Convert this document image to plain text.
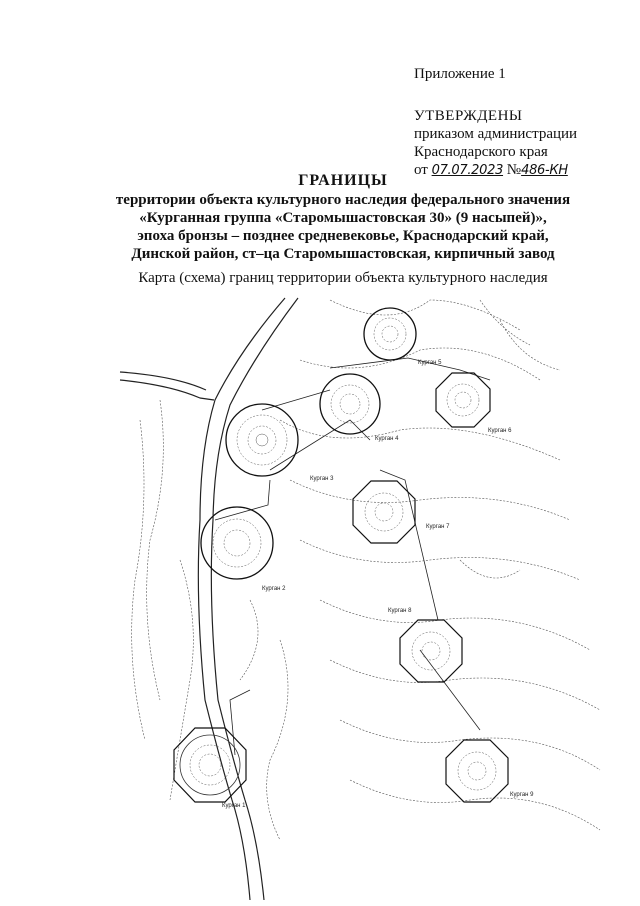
Приложение 1
УТВЕРЖДЕНЫ
приказом администрации
Краснодарского края
от 07.07.2023 №486-КН
ГРАНИЦЫ
территории объекта культурного наследия федерального значения
«Курганная группа «Старомышастовская 30» (9 насыпей)»,
эпоха бронзы – позднее средневековье, Краснодарский край,
Динской район, ст–ца Старомышастовская, кирпичный завод
Карта (схема) границ территории объекта культурного наследия
Курган 1
Курган 2
Курган 3
Курган 4
Курган 5
Курган 6
Курган 7
Курган 8
Курган 9
